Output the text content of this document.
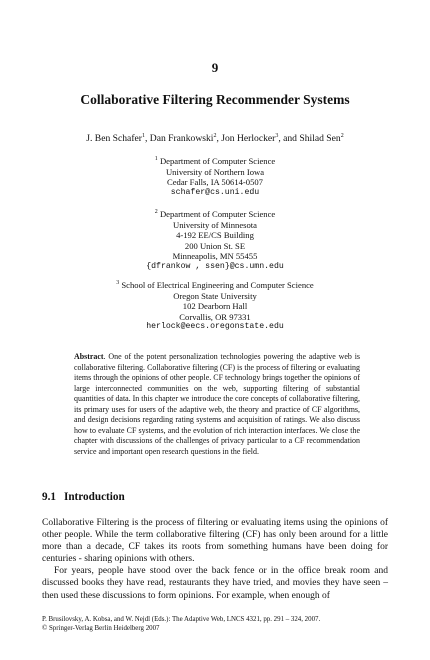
9
Collaborative Filtering Recommender Systems
J. Ben Schafer$^1$, Dan Frankowski$^2$, Jon Herlocker$^3$, and Shilad Sen$^2$
$^1$ Department of Computer Science
University of Northern Iowa
Cedar Falls, IA 50614-0507
schafer@cs.uni.edu
$^2$ Department of Computer Science
University of Minnesota
4-192 EE/CS Building
200 Union St. SE
Minneapolis, MN 55455
{dfrankow , ssen}@cs.umn.edu
$^3$ School of Electrical Engineering and Computer Science
Oregon State University
102 Dearborn Hall
Corvallis, OR 97331
herlock@eecs.oregonstate.edu
Abstract. One of the potent personalization technologies powering the adaptive web is collaborative filtering. Collaborative filtering (CF) is the process of filtering or evaluating items through the opinions of other people. CF technology brings together the opinions of large interconnected communities on the web, supporting filtering of substantial quantities of data. In this chapter we introduce the core concepts of collaborative filtering, its primary uses for users of the adaptive web, the theory and practice of CF algorithms, and design decisions regarding rating systems and acquisition of ratings. We also discuss how to evaluate CF systems, and the evolution of rich interaction interfaces. We close the chapter with discussions of the challenges of privacy particular to a CF recommendation service and important open research questions in the field.
9.1 Introduction

Collaborative Filtering is the process of filtering or evaluating items using the opinions of other people. While the term collaborative filtering (CF) has only been around for a little more than a decade, CF takes its roots from something humans have been doing for centuries - sharing opinions with others.

For years, people have stood over the back fence or in the office break room and discussed books they have read, restaurants they have tried, and movies they have seen – then used these discussions to form opinions. For example, when enough of

P. Brusilovsky, A. Kobsa, and W. Nejdl (Eds.): The Adaptive Web, LNCS 4321, pp. 291 – 324, 2007.
© Springer-Verlag Berlin Heidelberg 2007
